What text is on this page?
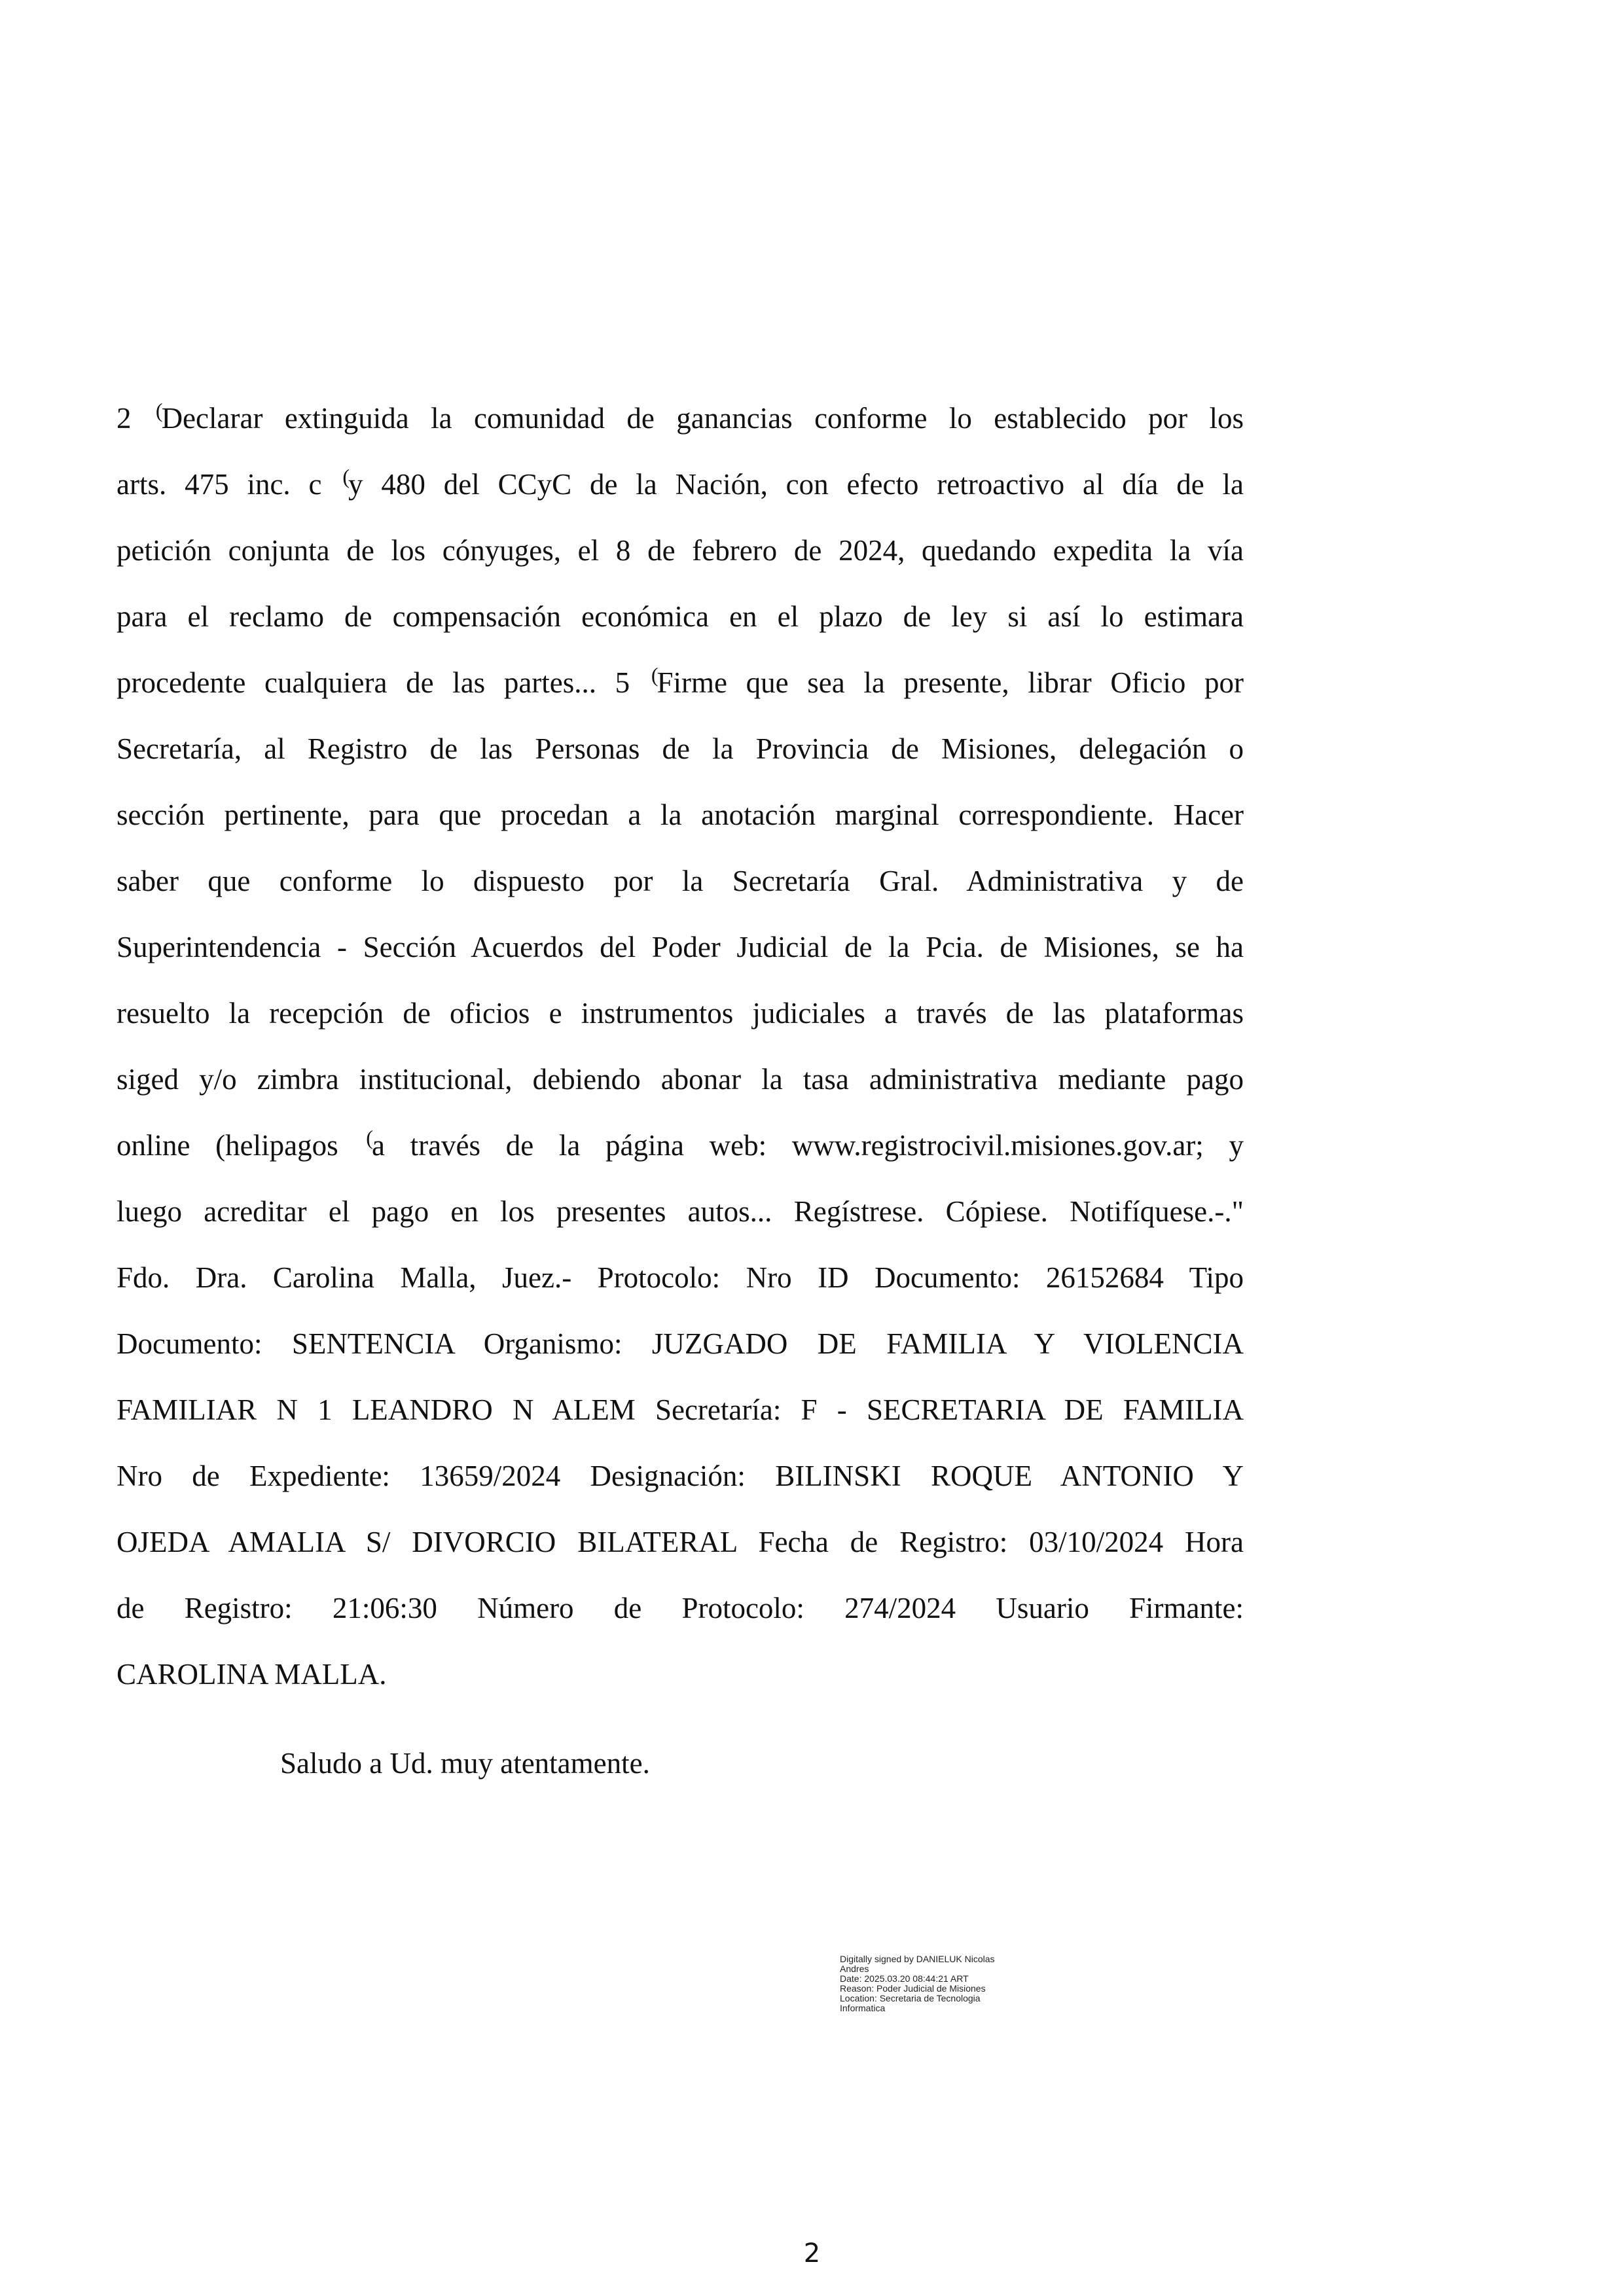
2 (Declarar extinguida la comunidad de ganancias conforme lo establecido por los
arts. 475 inc. c (y 480 del CCyC de la Nación, con efecto retroactivo al día de la
petición conjunta de los cónyuges, el 8 de febrero de 2024, quedando expedita la vía
para el reclamo de compensación económica en el plazo de ley si así lo estimara
procedente cualquiera de las partes... 5 (Firme que sea la presente, librar Oficio por
Secretaría, al Registro de las Personas de la Provincia de Misiones, delegación o
sección pertinente, para que procedan a la anotación marginal correspondiente. Hacer
saber que conforme lo dispuesto por la Secretaría Gral. Administrativa y de
Superintendencia - Sección Acuerdos del Poder Judicial de la Pcia. de Misiones, se ha
resuelto la recepción de oficios e instrumentos judiciales a través de las plataformas
siged y/o zimbra institucional, debiendo abonar la tasa administrativa mediante pago
online (helipagos (a través de la página web: www.registrocivil.misiones.gov.ar; y
luego acreditar el pago en los presentes autos... Regístrese. Cópiese. Notifíquese.-."
Fdo. Dra. Carolina Malla, Juez.- Protocolo: Nro ID Documento: 26152684 Tipo
Documento: SENTENCIA Organismo: JUZGADO DE FAMILIA Y VIOLENCIA
FAMILIAR N 1 LEANDRO N ALEM Secretaría: F - SECRETARIA DE FAMILIA
Nro de Expediente: 13659/2024 Designación: BILINSKI ROQUE ANTONIO Y
OJEDA AMALIA S/ DIVORCIO BILATERAL Fecha de Registro: 03/10/2024 Hora
de Registro: 21:06:30 Número de Protocolo: 274/2024 Usuario Firmante:
CAROLINA MALLA.
Saludo a Ud. muy atentamente.
Digitally signed by DANIELUK Nicolas
Andres
Date: 2025.03.20 08:44:21 ART
Reason: Poder Judicial de Misiones
Location: Secretaria de Tecnologia
Informatica
2
